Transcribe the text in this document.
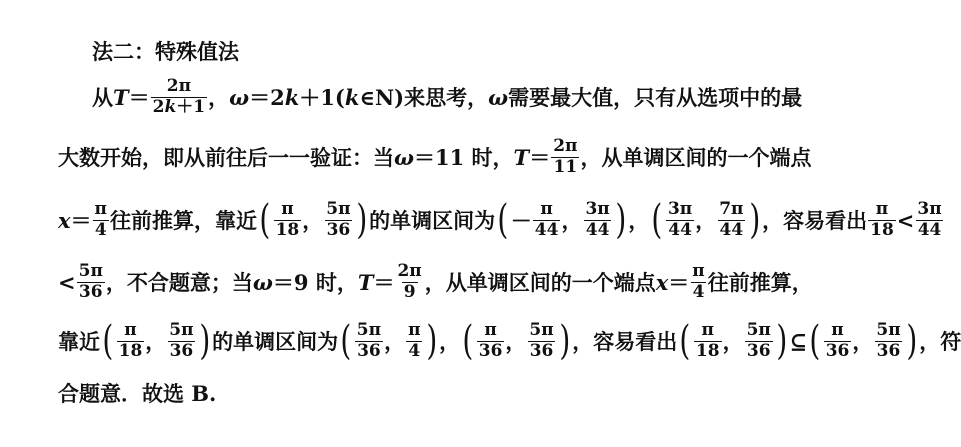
法二：特殊值法
从 $T = \frac{2\pi}{2k+1}$ ， ω ＝2 k ＋1( k ∈N)来思考， ω 需要最大值，只有从选项中的最
大数开始，即从前往后一一验证：当 ω ＝11 时， $T = \frac{2\pi}{11}$ ，从单调区间的一个端点
$x = \frac{\pi}{4}$ 往前推算，靠近 ( $\frac{\pi}{18}$ ， $\frac{5\pi}{36}$ ) 的单调区间为 ( － $\frac{\pi}{44}$ ， $\frac{3\pi}{44}$ ) ， ( $\frac{3\pi}{44}$ ， $\frac{7\pi}{44}$ ) ，容易看出 $\frac{\pi}{18} < \frac{3\pi}{44}$
< $\frac{5\pi}{36}$ ，不合题意；当 ω ＝9 时， $T = \frac{2\pi}{9}$ ，从单调区间的一个端点 $x = \frac{\pi}{4}$ 往前推算，
靠近 ( $\frac{\pi}{18}$ ， $\frac{5\pi}{36}$ ) 的单调区间为 ( $\frac{5\pi}{36}$ ， $\frac{\pi}{4}$ ) ， ( $\frac{\pi}{36}$ ， $\frac{5\pi}{36}$ ) ，容易看出 ( $\frac{\pi}{18}$ ， $\frac{5\pi}{36}$ ) ⊆ ( $\frac{\pi}{36}$ ， $\frac{5\pi}{36}$ ) ，符
合题意．故选 B.
